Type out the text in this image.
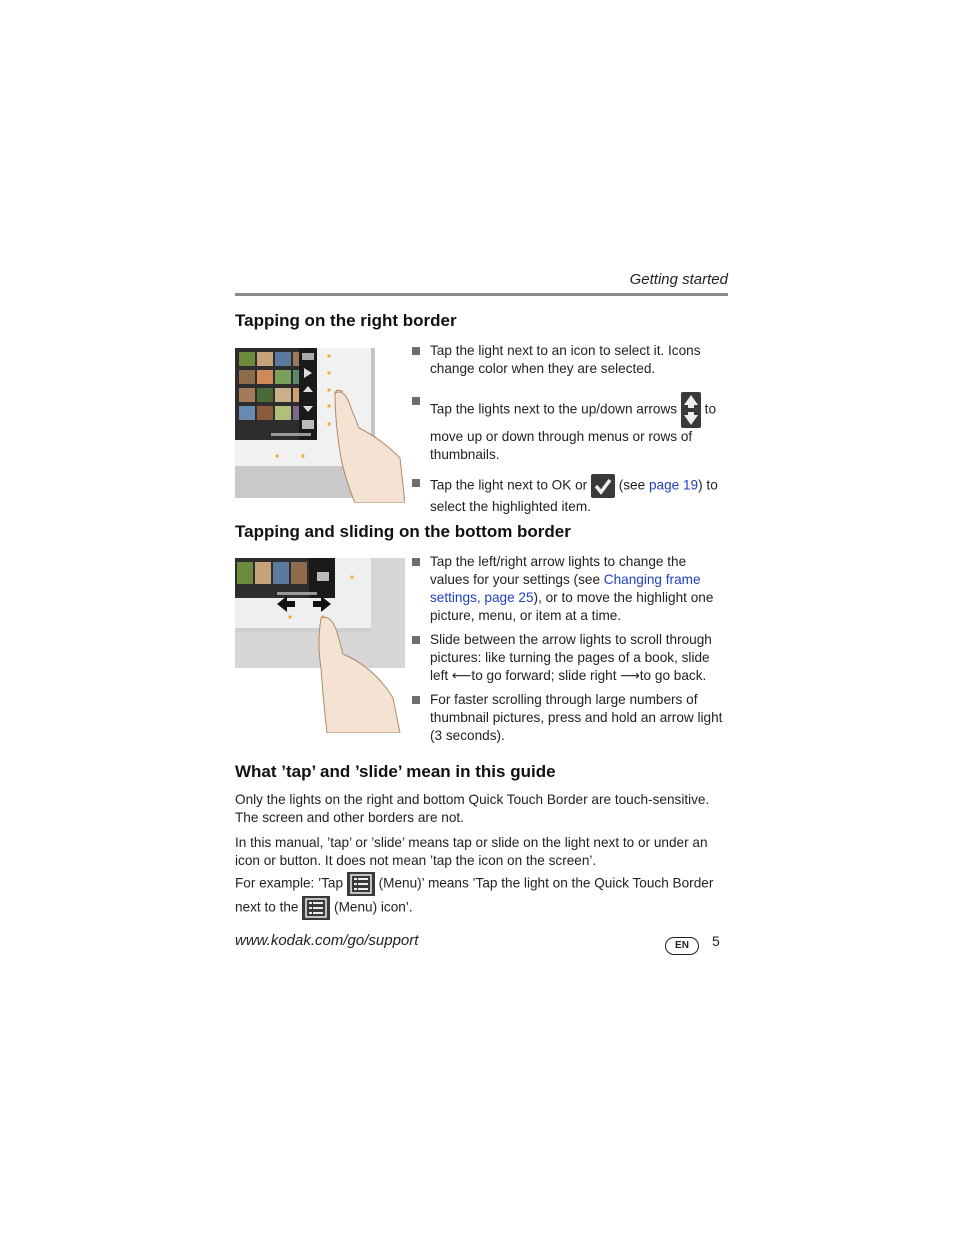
Getting started
Tapping on the right border
Tap the light next to an icon to select it. Icons change color when they are selected.
Tap the lights next to the up/down arrows to
move up or down through menus or rows of thumbnails.
Tap the light next to OK or (see page 19) to
select the highlighted item.
Tapping and sliding on the bottom border
Tap the left/right arrow lights to change the values for your settings (see Changing frame settings, page 25), or to move the highlight one picture, menu, or item at a time.
Slide between the arrow lights to scroll through pictures: like turning the pages of a book, slide left ⟵to go forward; slide right ⟶to go back.
For faster scrolling through large numbers of thumbnail pictures, press and hold an arrow light (3 seconds).
What ’tap’ and ’slide’ mean in this guide
Only the lights on the right and bottom Quick Touch Border are touch-sensitive. The screen and other borders are not.
In this manual, ’tap’ or ’slide’ means tap or slide on the light next to or under an icon or button. It does not mean ’tap the icon on the screen’.
For example: ’Tap	(Menu)’ means ’Tap the light on the Quick Touch Border next to the	(Menu) icon’.
www.kodak.com/go/support	EN	5
